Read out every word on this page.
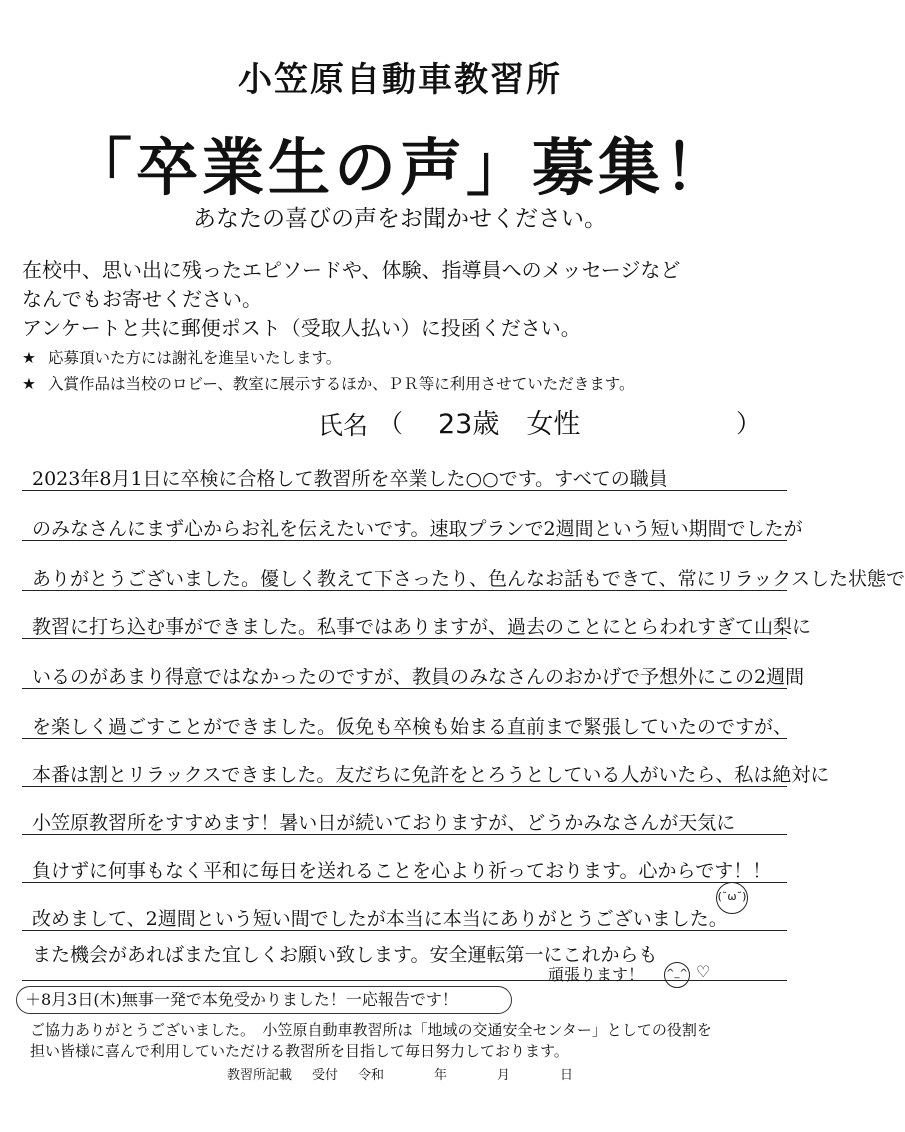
小笠原自動車教習所
「卒業生の声」募集！
あなたの喜びの声をお聞かせください。
在校中、思い出に残ったエピソードや、体験、指導員へのメッセージなど
なんでもお寄せください。
アンケートと共に郵便ポスト（受取人払い）に投函ください。
★ 応募頂いた方には謝礼を進呈いたします。
★ 入賞作品は当校のロビー、教室に展示するほか、ＰＲ等に利用させていただきます。
氏名 （ 23歳　女性	）
2023年8月1日に卒検に合格して教習所を卒業した○○です。すべての職員
のみなさんにまず心からお礼を伝えたいです。速取プランで2週間という短い期間でしたが
ありがとうございました。優しく教えて下さったり、色んなお話もできて、常にリラックスした状態で
教習に打ち込む事ができました。私事ではありますが、過去のことにとらわれすぎて山梨に
いるのがあまり得意ではなかったのですが、教員のみなさんのおかげで予想外にこの2週間
を楽しく過ごすことができました。仮免も卒検も始まる直前まで緊張していたのですが、
本番は割とリラックスできました。友だちに免許をとろうとしている人がいたら、私は絶対に
小笠原教習所をすすめます！暑い日が続いておりますが、どうかみなさんが天気に
負けずに何事もなく平和に毎日を送れることを心より祈っております。心からです！！
改めまして、2週間という短い間でしたが本当に本当にありがとうございました。
また機会があればまた宜しくお願い致します。安全運転第一にこれからも
(˘ω˘)
頑張ります！ ^_^ ♡
＋8月3日(木)無事一発で本免受かりました！一応報告です！
ご協力ありがとうございました。　小笠原自動車教習所は「地域の交通安全センター」としての役割を
担い皆様に喜んで利用していただける教習所を目指して毎日努力しております。
教習所記載 受付 令和	年	月	日
